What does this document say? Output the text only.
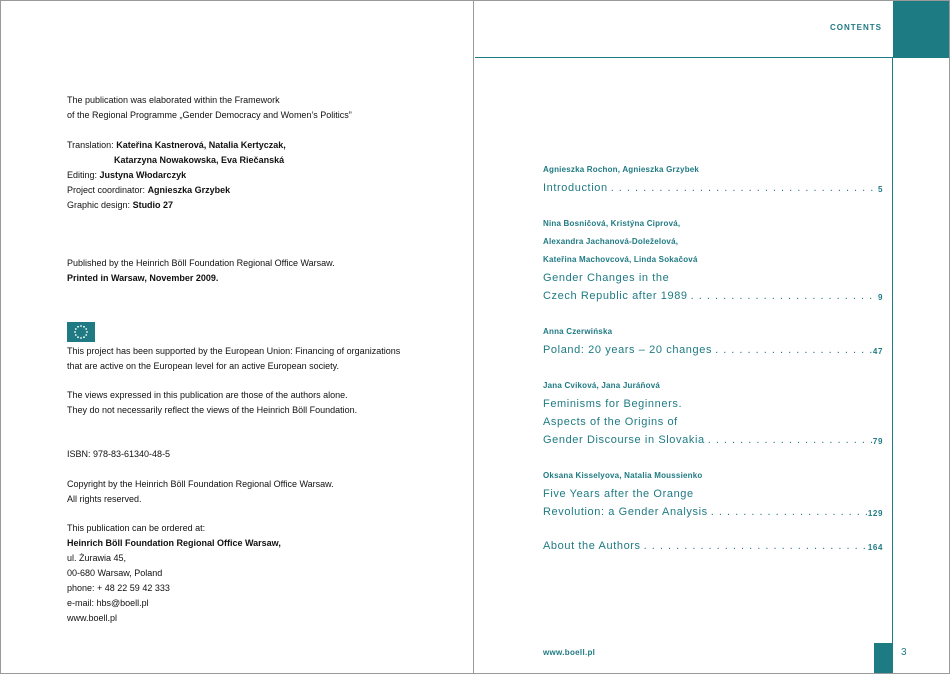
The publication was elaborated within the Framework
of the Regional Programme „Gender Democracy and Women’s Politics”
Translation: Kateřina Kastnerová, Natalia Kertyczak,
Katarzyna Nowakowska, Eva Riečanská
Editing: Justyna Włodarczyk
Project coordinator: Agnieszka Grzybek
Graphic design: Studio 27
Published by the Heinrich Böll Foundation Regional Office Warsaw.
Printed in Warsaw, November 2009.
This project has been supported by the European Union: Financing of organizations
that are active on the European level for an active European society.
The views expressed in this publication are those of the authors alone.
They do not necessarily reflect the views of the Heinrich Böll Foundation.
ISBN: 978-83-61340-48-5
Copyright by the Heinrich Böll Foundation Regional Office Warsaw.
All rights reserved.
This publication can be ordered at:
Heinrich Böll Foundation Regional Office Warsaw,
ul. Żurawia 45,
00-680 Warsaw, Poland
phone: + 48 22 59 42 333
e-mail: hbs@boell.pl
www.boell.pl
CONTENTS
Agnieszka Rochon, Agnieszka Grzybek
Introduction . . .	5
Nina Bosničová, Kristýna Ciprová,
Alexandra Jachanová-Doleželová,
Kateřina Machovcová, Linda Sokačová
Gender Changes in the
Czech Republic after 1989 . . .	9
Anna Czerwińska
Poland: 20 years – 20 changes . . .	47
Jana Cviková, Jana Juráňová
Feminisms for Beginners.
Aspects of the Origins of
Gender Discourse in Slovakia . . .	79
Oksana Kisselyova, Natalia Moussienko
Five Years after the Orange
Revolution: a Gender Analysis . . .	129
About the Authors . . .	164
www.boell.pl	3
